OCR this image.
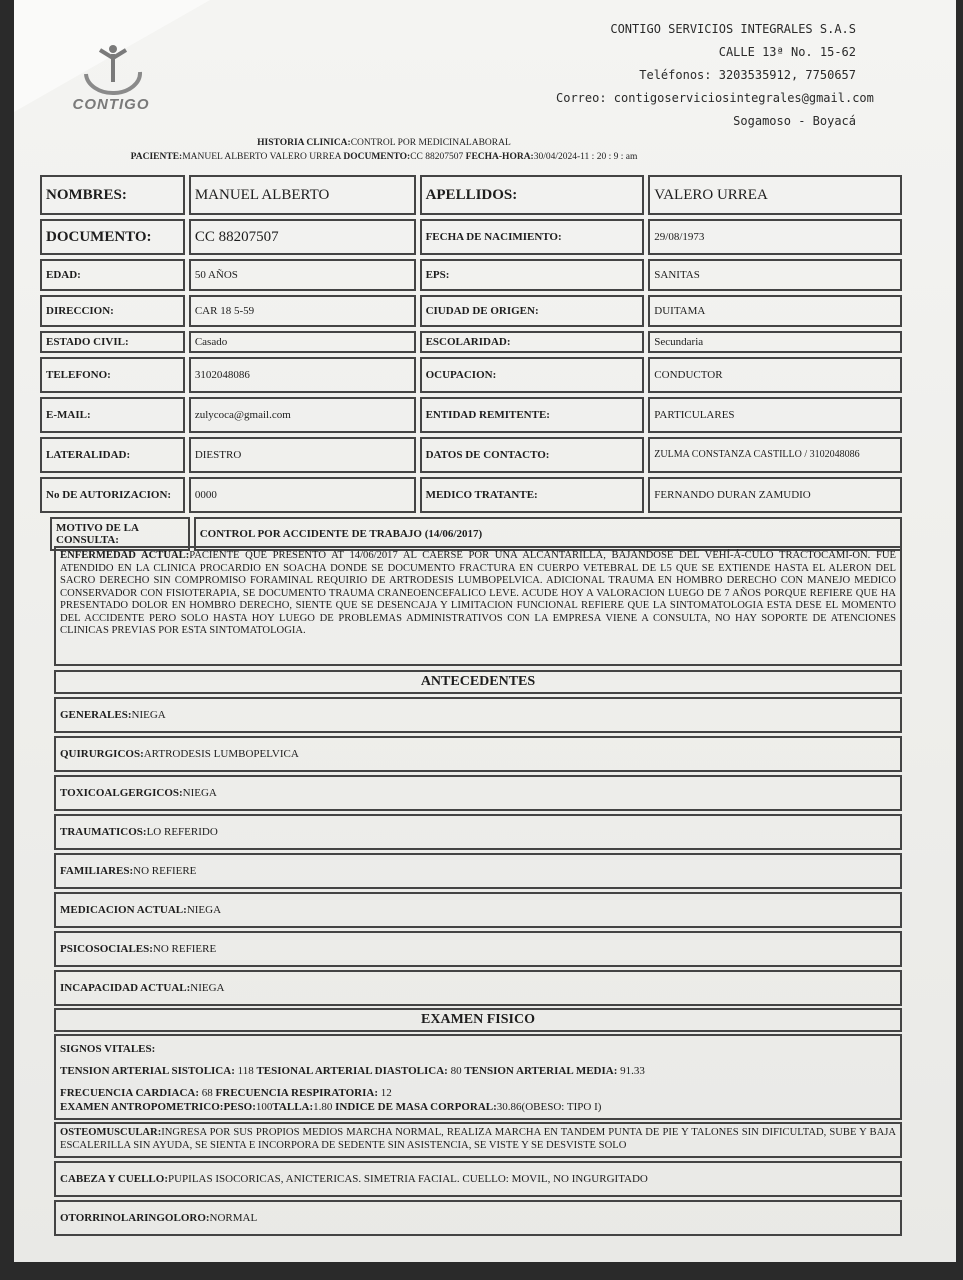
CONTIGO
CONTIGO SERVICIOS INTEGRALES S.A.S
CALLE 13ª No. 15-62
Teléfonos: 3203535912, 7750657
Correo: contigoserviciosintegrales@gmail.com
Sogamoso - Boyacá
HISTORIA CLINICA:CONTROL POR MEDICINALABORAL
PACIENTE:MANUEL ALBERTO VALERO URREA DOCUMENTO:CC 88207507 FECHA-HORA:30/04/2024-11 : 20 : 9 : am
NOMBRES:	MANUEL ALBERTO	APELLIDOS:	VALERO URREA
DOCUMENTO:	CC 88207507	FECHA DE NACIMIENTO:	29/08/1973
EDAD:	50 AÑOS	EPS:	SANITAS
DIRECCION:	CAR 18 5-59	CIUDAD DE ORIGEN:	DUITAMA
ESTADO CIVIL:	Casado	ESCOLARIDAD:	Secundaria
TELEFONO:	3102048086	OCUPACION:	CONDUCTOR
E-MAIL:	zulycoca@gmail.com	ENTIDAD REMITENTE:	PARTICULARES
LATERALIDAD:	DIESTRO	DATOS DE CONTACTO:	ZULMA CONSTANZA CASTILLO / 3102048086
No DE AUTORIZACION:	0000	MEDICO TRATANTE:	FERNANDO DURAN ZAMUDIO
MOTIVO DE LA CONSULTA:	CONTROL POR ACCIDENTE DE TRABAJO (14/06/2017)
ENFERMEDAD ACTUAL:PACIENTE QUE PRESENTO AT 14/06/2017 AL CAERSE POR UNA ALCANTARILLA, BAJANDOSE DEL VEHÍ-Á-CULO TRACTOCAMI-ON. FUE ATENDIDO EN LA CLINICA PROCARDIO EN SOACHA DONDE SE DOCUMENTO FRACTURA EN CUERPO VETEBRAL DE L5 QUE SE EXTIENDE HASTA EL ALERON DEL SACRO DERECHO SIN COMPROMISO FORAMINAL REQUIRIO DE ARTRODESIS LUMBOPELVICA. ADICIONAL TRAUMA EN HOMBRO DERECHO CON MANEJO MEDICO CONSERVADOR CON FISIOTERAPIA, SE DOCUMENTO TRAUMA CRANEOENCEFALICO LEVE. ACUDE HOY A VALORACION LUEGO DE 7 AÑOS PORQUE REFIERE QUE HA PRESENTADO DOLOR EN HOMBRO DERECHO, SIENTE QUE SE DESENCAJA Y LIMITACION FUNCIONAL REFIERE QUE LA SINTOMATOLOGIA ESTA DESE EL MOMENTO DEL ACCIDENTE PERO SOLO HASTA HOY LUEGO DE PROBLEMAS ADMINISTRATIVOS CON LA EMPRESA VIENE A CONSULTA, NO HAY SOPORTE DE ATENCIONES CLINICAS PREVIAS POR ESTA SINTOMATOLOGIA.
ANTECEDENTES
GENERALES: NIEGA
QUIRURGICOS: ARTRODESIS LUMBOPELVICA
TOXICOALGERGICOS: NIEGA
TRAUMATICOS: LO REFERIDO
FAMILIARES: NO REFIERE
MEDICACION ACTUAL: NIEGA
PSICOSOCIALES: NO REFIERE
INCAPACIDAD ACTUAL: NIEGA
EXAMEN FISICO
SIGNOS VITALES:
TENSION ARTERIAL SISTOLICA: 118 TESIONAL ARTERIAL DIASTOLICA: 80 TENSION ARTERIAL MEDIA: 91.33
FRECUENCIA CARDIACA: 68 FRECUENCIA RESPIRATORIA: 12
EXAMEN ANTROPOMETRICO:PESO:100TALLA:1.80 INDICE DE MASA CORPORAL:30.86(OBESO: TIPO I)
OSTEOMUSCULAR:INGRESA POR SUS PROPIOS MEDIOS MARCHA NORMAL, REALIZA MARCHA EN TANDEM PUNTA DE PIE Y TALONES SIN DIFICULTAD, SUBE Y BAJA ESCALERILLA SIN AYUDA, SE SIENTA E INCORPORA DE SEDENTE SIN ASISTENCIA, SE VISTE Y SE DESVISTE SOLO
CABEZA Y CUELLO: PUPILAS ISOCORICAS, ANICTERICAS. SIMETRIA FACIAL. CUELLO: MOVIL, NO INGURGITADO
OTORRINOLARINGOLORO: NORMAL
